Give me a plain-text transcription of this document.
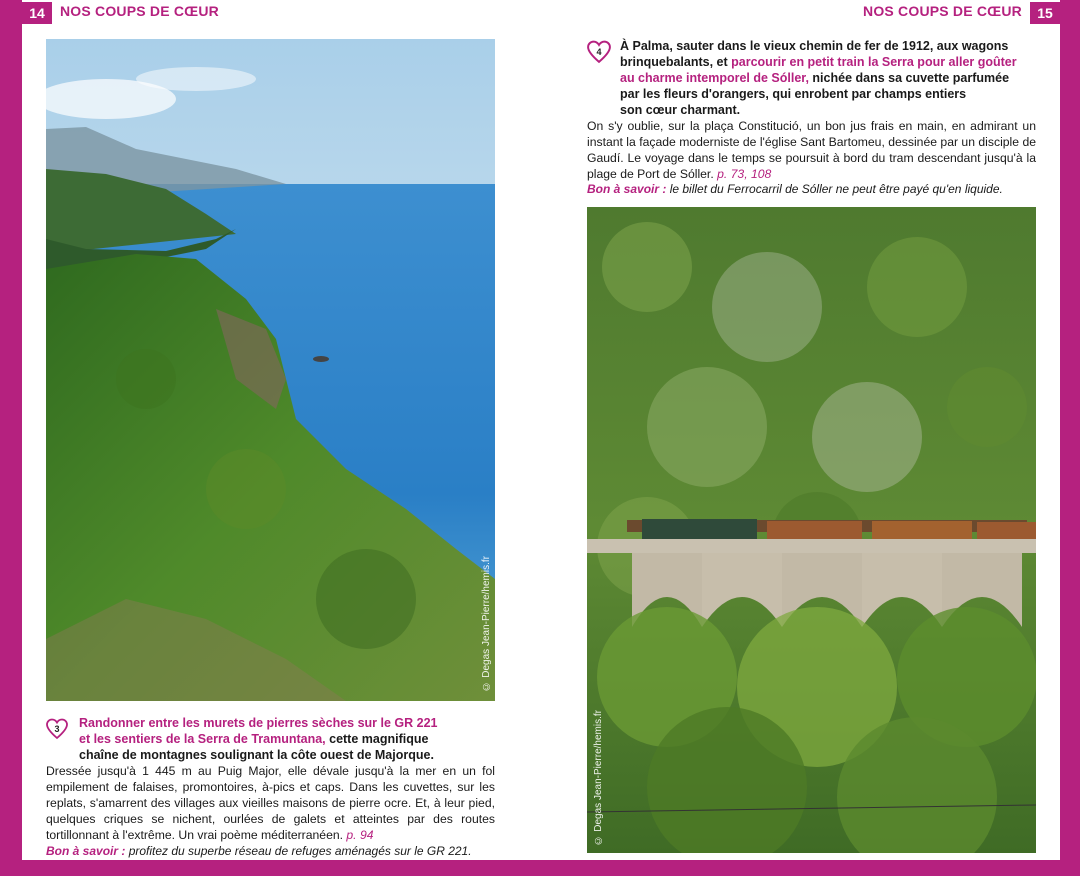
14	NOS COUPS DE CŒUR	NOS COUPS DE CŒUR	15
© Degas Jean-Pierre/hemis.fr
3	Randonner entre les murets de pierres sèches sur le GR 221
et les sentiers de la Serra de Tramuntana, cette magnifique
chaîne de montagnes soulignant la côte ouest de Majorque.
Dressée jusqu'à 1 445 m au Puig Major, elle dévale jusqu'à la mer en un fol empilement de falaises, promontoires, à-pics et caps. Dans les cuvettes, sur les replats, s'amarrent des villages aux vieilles maisons de pierre ocre. Et, à leur pied, quelques criques se nichent, ourlées de galets et atteintes par des routes tortillonnant à l'extrême. Un vrai poème méditerranéen. p. 94
Bon à savoir : profitez du superbe réseau de refuges aménagés sur le GR 221.
4	À Palma, sauter dans le vieux chemin de fer de 1912, aux wagons
brinquebalants, et parcourir en petit train la Serra pour aller goûter
au charme intemporel de Sóller, nichée dans sa cuvette parfumée
par les fleurs d'orangers, qui enrobent par champs entiers
son cœur charmant.
On s'y oublie, sur la plaça Constitució, un bon jus frais en main, en admirant un instant la façade moderniste de l'église Sant Bartomeu, dessinée par un disciple de Gaudí. Le voyage dans le temps se poursuit à bord du tram descendant jusqu'à la plage de Port de Sóller. p. 73, 108
Bon à savoir : le billet du Ferrocarril de Sóller ne peut être payé qu'en liquide.
© Degas Jean-Pierre/hemis.fr
